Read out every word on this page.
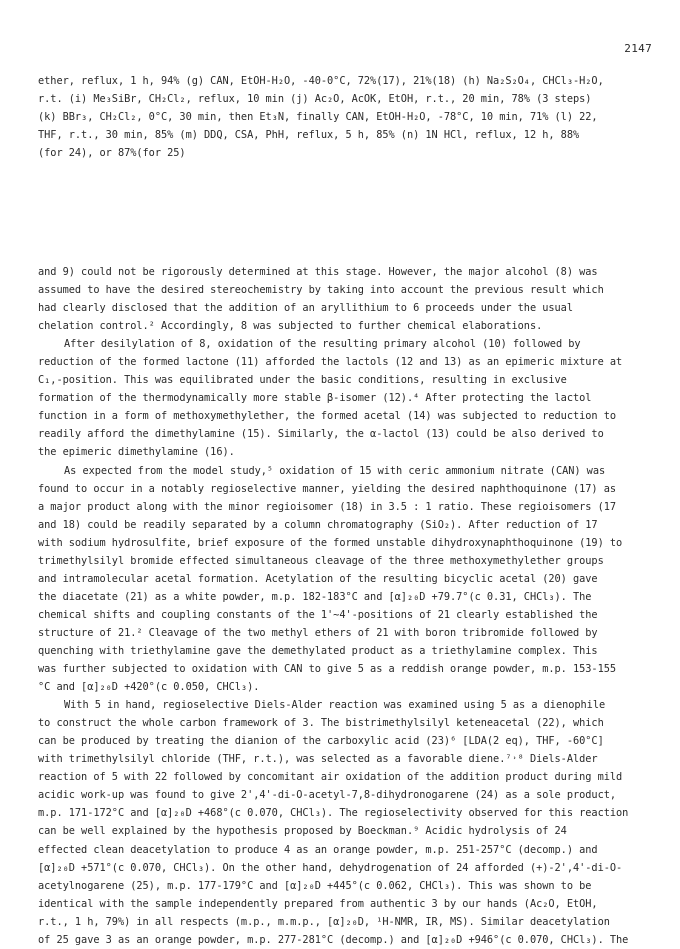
2147
ether, reflux, 1 h, 94% (g) CAN, EtOH-H₂O, -40-0°C, 72%(17), 21%(18) (h) Na₂S₂O₄, CHCl₃-H₂O,
r.t. (i) Me₃SiBr, CH₂Cl₂, reflux, 10 min (j) Ac₂O, AcOK, EtOH, r.t., 20 min, 78% (3 steps)
(k) BBr₃, CH₂Cl₂, 0°C, 30 min, then Et₃N, finally CAN, EtOH-H₂O, -78°C, 10 min, 71% (l) 22,
THF, r.t., 30 min, 85% (m) DDQ, CSA, PhH, reflux, 5 h, 85% (n) 1N HCl, reflux, 12 h, 88%
(for 24), or 87%(for 25)
and 9) could not be rigorously determined at this stage. However, the major alcohol (8) was
assumed to have the desired stereochemistry by taking into account the previous result which
had clearly disclosed that the addition of an aryllithium to 6 proceeds under the usual
chelation control.² Accordingly, 8 was subjected to further chemical elaborations.
After desilylation of 8, oxidation of the resulting primary alcohol (10) followed by
reduction of the formed lactone (11) afforded the lactols (12 and 13) as an epimeric mixture at
C₁,-position. This was equilibrated under the basic conditions, resulting in exclusive
formation of the thermodynamically more stable β-isomer (12).⁴ After protecting the lactol
function in a form of methoxymethylether, the formed acetal (14) was subjected to reduction to
readily afford the dimethylamine (15). Similarly, the α-lactol (13) could be also derived to
the epimeric dimethylamine (16).
As expected from the model study,⁵ oxidation of 15 with ceric ammonium nitrate (CAN) was
found to occur in a notably regioselective manner, yielding the desired naphthoquinone (17) as
a major product along with the minor regioisomer (18) in 3.5 : 1 ratio. These regioisomers (17
and 18) could be readily separated by a column chromatography (SiO₂). After reduction of 17
with sodium hydrosulfite, brief exposure of the formed unstable dihydroxynaphthoquinone (19) to
trimethylsilyl bromide effected simultaneous cleavage of the three methoxymethylether groups
and intramolecular acetal formation. Acetylation of the resulting bicyclic acetal (20) gave
the diacetate (21) as a white powder, m.p. 182-183°C and [α]₂₀D +79.7°(c 0.31, CHCl₃). The
chemical shifts and coupling constants of the 1'~4'-positions of 21 clearly established the
structure of 21.² Cleavage of the two methyl ethers of 21 with boron tribromide followed by
quenching with triethylamine gave the demethylated product as a triethylamine complex. This
was further subjected to oxidation with CAN to give 5 as a reddish orange powder, m.p. 153-155
°C and [α]₂₀D +420°(c 0.050, CHCl₃).
With 5 in hand, regioselective Diels-Alder reaction was examined using 5 as a dienophile
to construct the whole carbon framework of 3. The bistrimethylsilyl keteneacetal (22), which
can be produced by treating the dianion of the carboxylic acid (23)⁶ [LDA(2 eq), THF, -60°C]
with trimethylsilyl chloride (THF, r.t.), was selected as a favorable diene.⁷˒⁸ Diels-Alder
reaction of 5 with 22 followed by concomitant air oxidation of the addition product during mild
acidic work-up was found to give 2',4'-di-O-acetyl-7,8-dihydronogarene (24) as a sole product,
m.p. 171-172°C and [α]₂₀D +468°(c 0.070, CHCl₃). The regioselectivity observed for this reaction
can be well explained by the hypothesis proposed by Boeckman.⁹ Acidic hydrolysis of 24
effected clean deacetylation to produce 4 as an orange powder, m.p. 251-257°C (decomp.) and
[α]₂₀D +571°(c 0.070, CHCl₃). On the other hand, dehydrogenation of 24 afforded (+)-2',4'-di-O-
acetylnogarene (25), m.p. 177-179°C and [α]₂₀D +445°(c 0.062, CHCl₃). This was shown to be
identical with the sample independently prepared from authentic 3 by our hands (Ac₂O, EtOH,
r.t., 1 h, 79%) in all respects (m.p., m.m.p., [α]₂₀D, ¹H-NMR, IR, MS). Similar deacetylation
of 25 gave 3 as an orange powder, m.p. 277-281°C (decomp.) and [α]₂₀D +946°(c 0.070, CHCl₃). The
